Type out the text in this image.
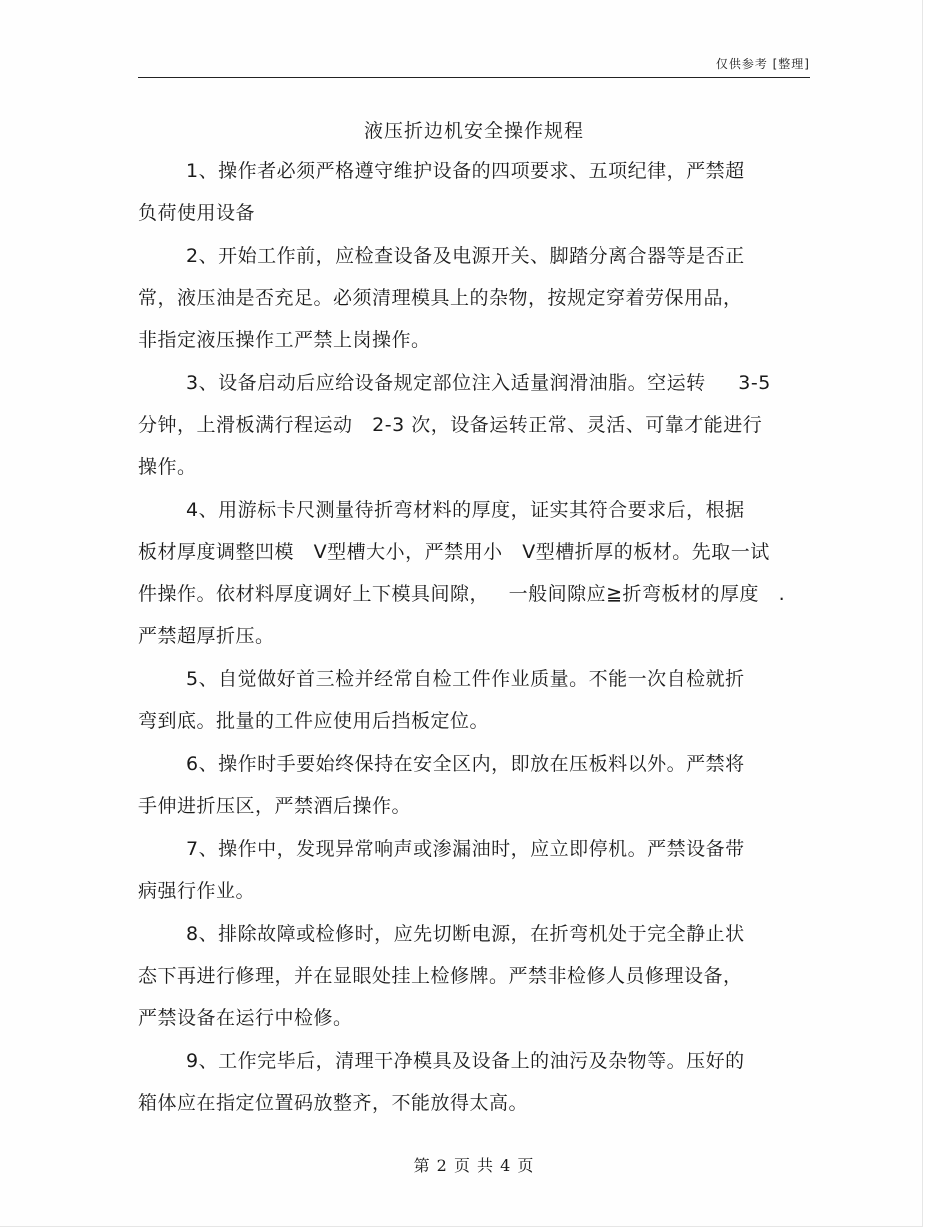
仅供参考 [整理]
液压折边机安全操作规程
1、操作者必须严格遵守维护设备的四项要求、五项纪律，严禁超
负荷使用设备
2、开始工作前，应检查设备及电源开关、脚踏分离合器等是否正
常，液压油是否充足。必须清理模具上的杂物，按规定穿着劳保用品，
非指定液压操作工严禁上岗操作。
3、设备启动后应给设备规定部位注入适量润滑油脂。空运转     3-5
分钟，上滑板满行程运动   2-3 次，设备运转正常、灵活、可靠才能进行
操作。
4、用游标卡尺测量待折弯材料的厚度，证实其符合要求后，根据
板材厚度调整凹模   V型槽大小，严禁用小   V型槽折厚的板材。先取一试
件操作。依材料厚度调好上下模具间隙，   一般间隙应≧折弯板材的厚度   .
严禁超厚折压。
5、自觉做好首三检并经常自检工件作业质量。不能一次自检就折
弯到底。批量的工件应使用后挡板定位。
6、操作时手要始终保持在安全区内，即放在压板料以外。严禁将
手伸进折压区，严禁酒后操作。
7、操作中，发现异常响声或渗漏油时，应立即停机。严禁设备带
病强行作业。
8、排除故障或检修时，应先切断电源，在折弯机处于完全静止状
态下再进行修理，并在显眼处挂上检修牌。严禁非检修人员修理设备，
严禁设备在运行中检修。
9、工作完毕后，清理干净模具及设备上的油污及杂物等。压好的
箱体应在指定位置码放整齐，不能放得太高。
第 2 页 共 4 页
